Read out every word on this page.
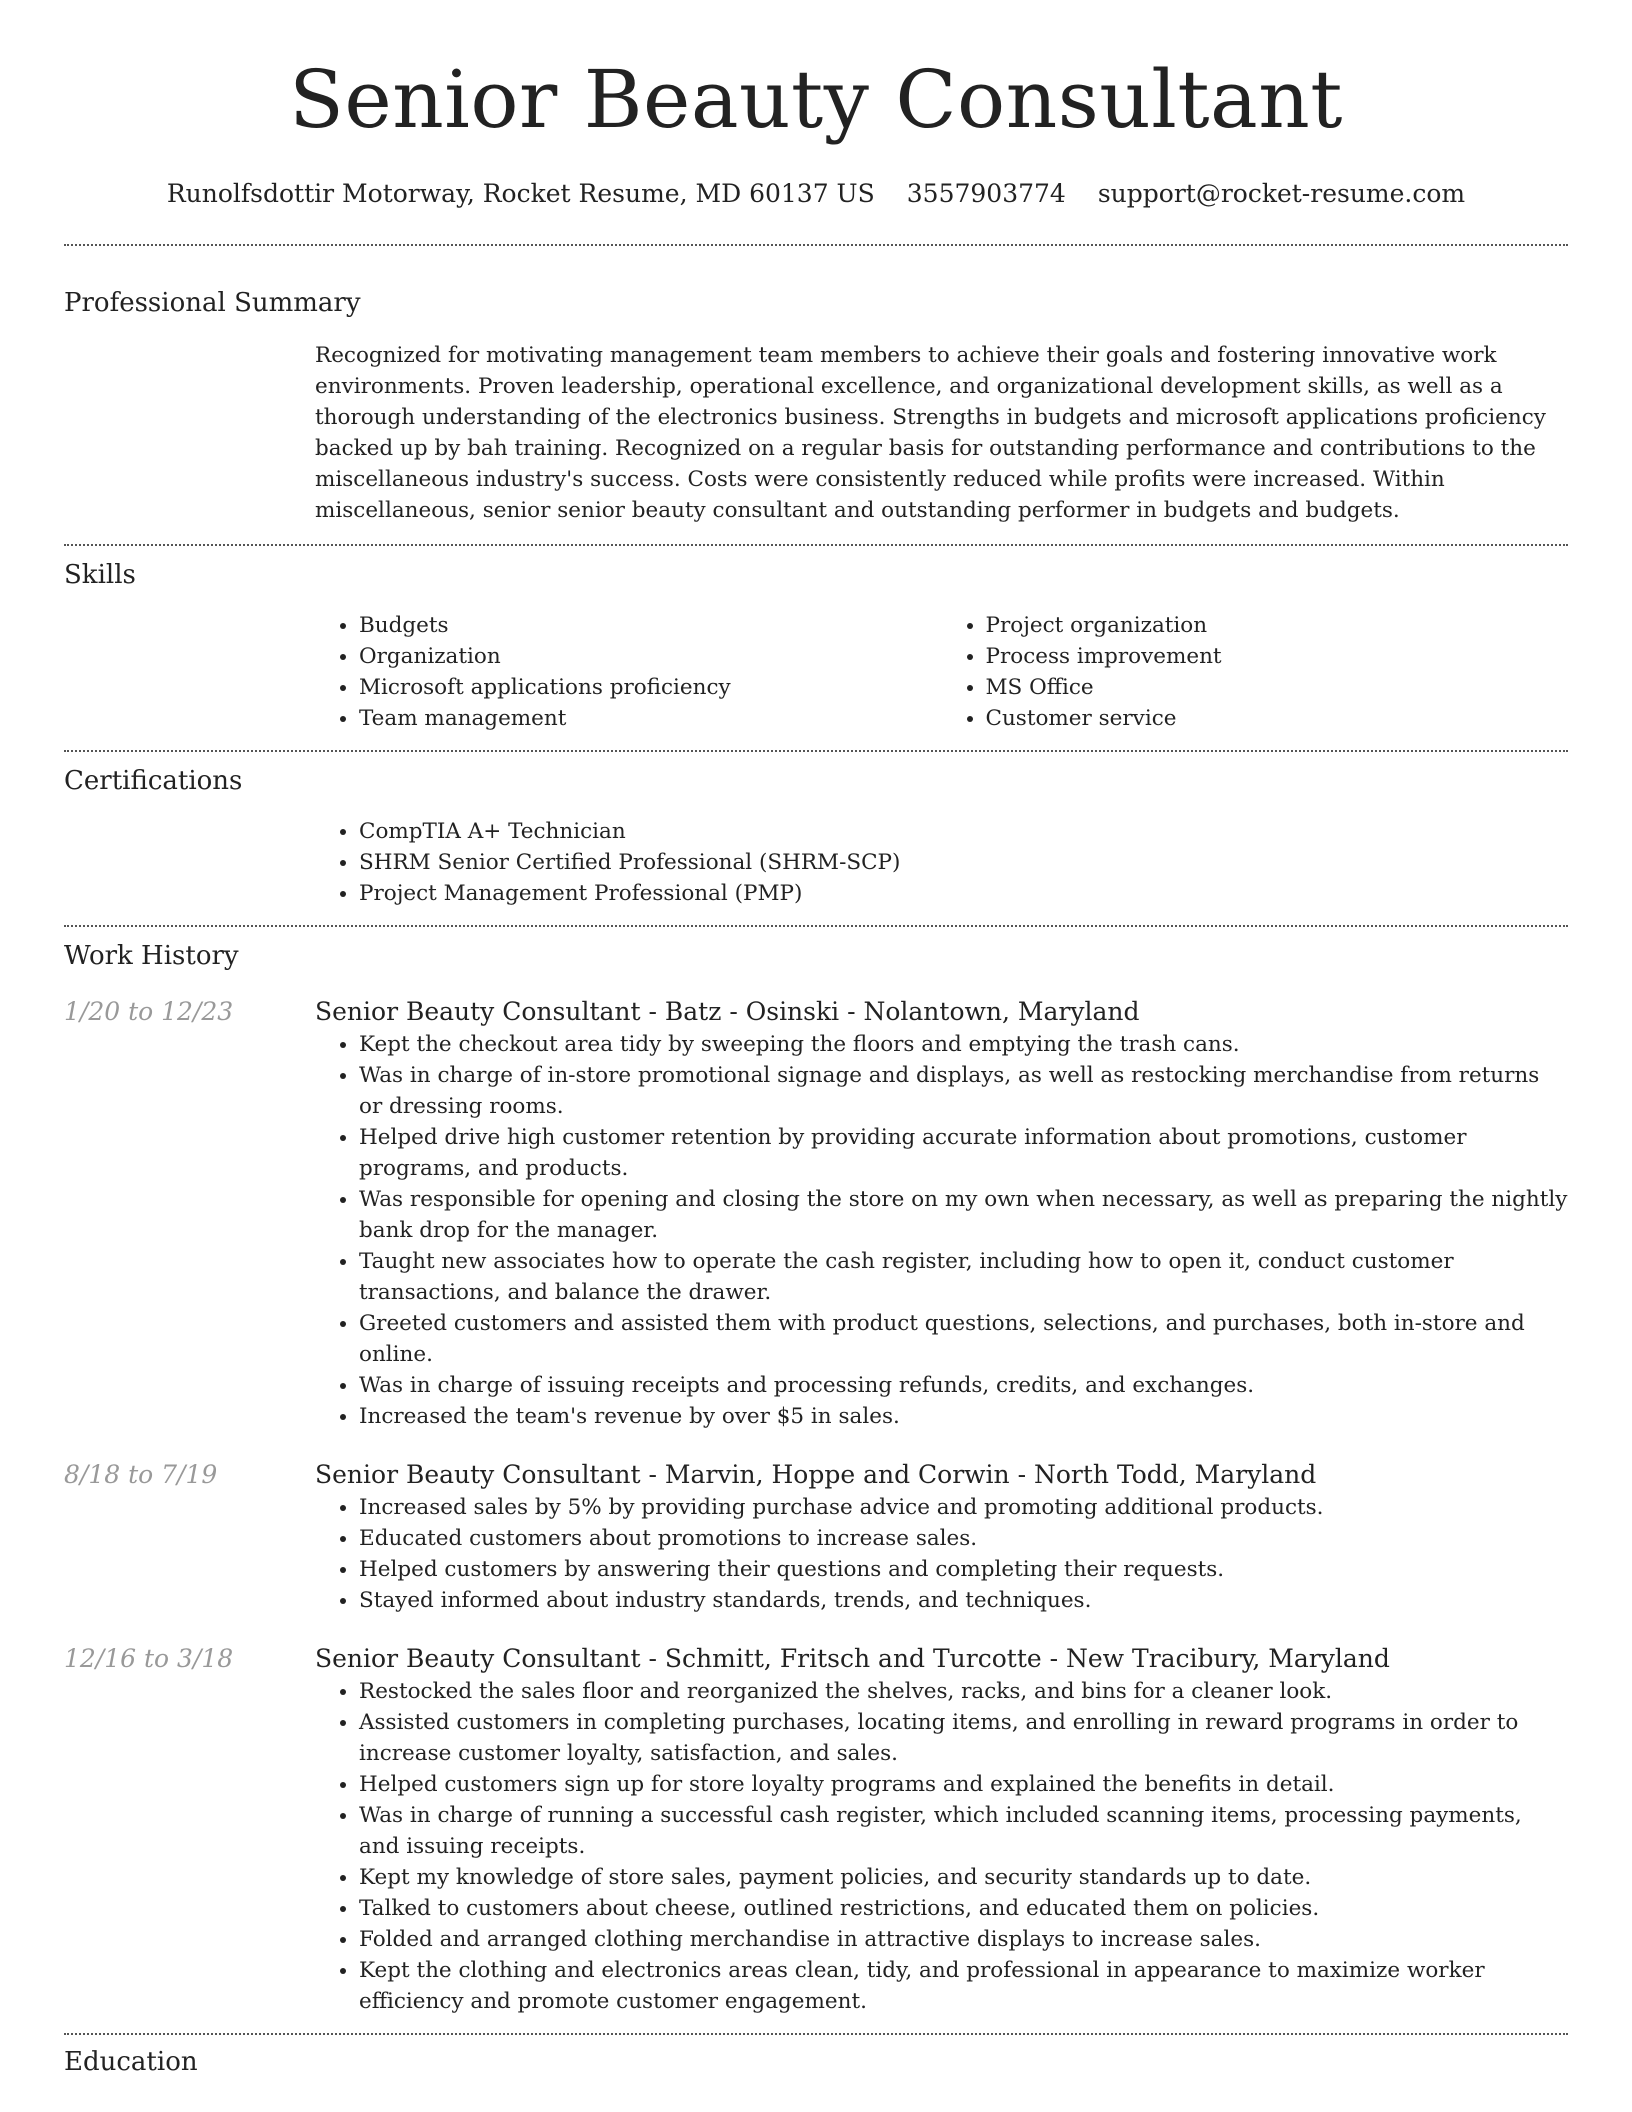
Senior Beauty Consultant
Runolfsdottir Motorway, Rocket Resume, MD 60137 US 3557903774 support@rocket-resume.com
Professional Summary
Recognized for motivating management team members to achieve their goals and fostering innovative work environments. Proven leadership, operational excellence, and organizational development skills, as well as a thorough understanding of the electronics business. Strengths in budgets and microsoft applications proficiency backed up by bah training. Recognized on a regular basis for outstanding performance and contributions to the miscellaneous industry's success. Costs were consistently reduced while profits were increased. Within miscellaneous, senior senior beauty consultant and outstanding performer in budgets and budgets.
Skills
• Budgets
• Organization
• Microsoft applications proficiency
• Team management
• Project organization
• Process improvement
• MS Office
• Customer service
Certifications
• CompTIA A+ Technician
• SHRM Senior Certified Professional (SHRM-SCP)
• Project Management Professional (PMP)
Work History
1/20 to 12/23	Senior Beauty Consultant - Batz - Osinski - Nolantown, Maryland
• Kept the checkout area tidy by sweeping the floors and emptying the trash cans.
• Was in charge of in-store promotional signage and displays, as well as restocking merchandise from returns or dressing rooms.
• Helped drive high customer retention by providing accurate information about promotions, customer programs, and products.
• Was responsible for opening and closing the store on my own when necessary, as well as preparing the nightly bank drop for the manager.
• Taught new associates how to operate the cash register, including how to open it, conduct customer transactions, and balance the drawer.
• Greeted customers and assisted them with product questions, selections, and purchases, both in-store and online.
• Was in charge of issuing receipts and processing refunds, credits, and exchanges.
• Increased the team's revenue by over $5 in sales.
8/18 to 7/19	Senior Beauty Consultant - Marvin, Hoppe and Corwin - North Todd, Maryland
• Increased sales by 5% by providing purchase advice and promoting additional products.
• Educated customers about promotions to increase sales.
• Helped customers by answering their questions and completing their requests.
• Stayed informed about industry standards, trends, and techniques.
12/16 to 3/18	Senior Beauty Consultant - Schmitt, Fritsch and Turcotte - New Tracibury, Maryland
• Restocked the sales floor and reorganized the shelves, racks, and bins for a cleaner look.
• Assisted customers in completing purchases, locating items, and enrolling in reward programs in order to increase customer loyalty, satisfaction, and sales.
• Helped customers sign up for store loyalty programs and explained the benefits in detail.
• Was in charge of running a successful cash register, which included scanning items, processing payments, and issuing receipts.
• Kept my knowledge of store sales, payment policies, and security standards up to date.
• Talked to customers about cheese, outlined restrictions, and educated them on policies.
• Folded and arranged clothing merchandise in attractive displays to increase sales.
• Kept the clothing and electronics areas clean, tidy, and professional in appearance to maximize worker efficiency and promote customer engagement.
Education
